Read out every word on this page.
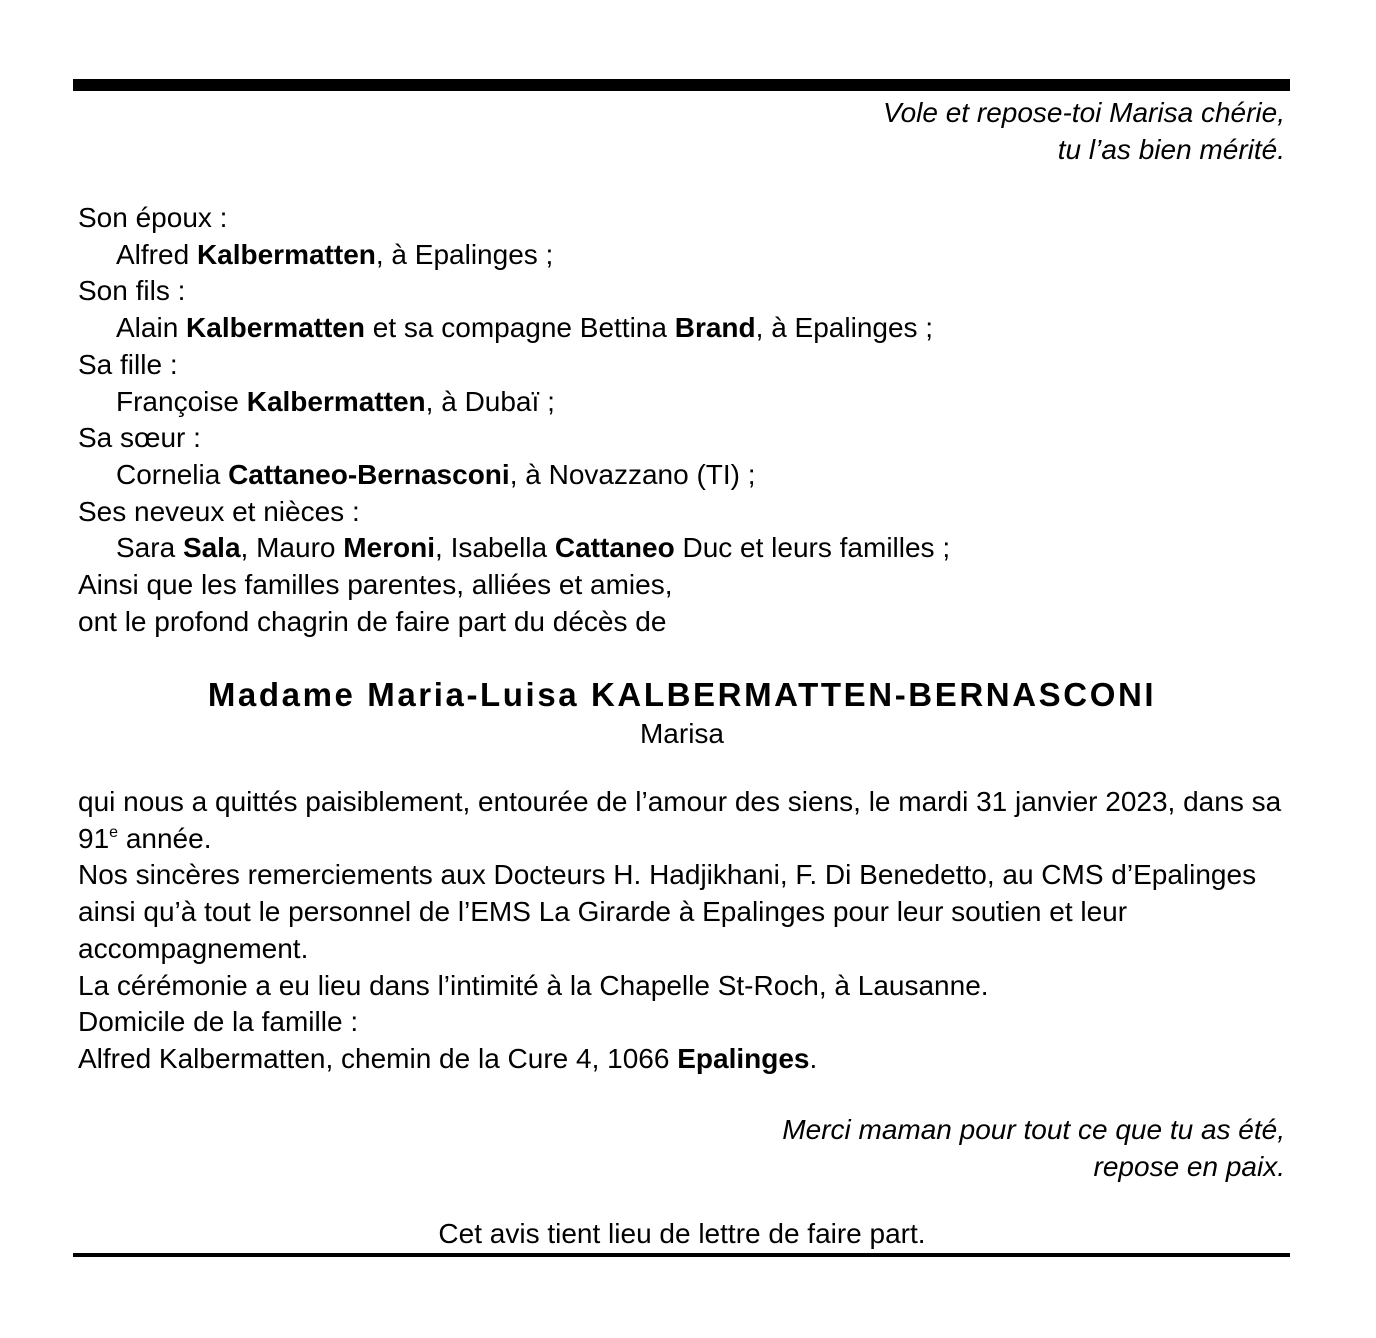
Vole et repose-toi Marisa chérie,
tu l’as bien mérité.
Son époux :
Alfred Kalbermatten, à Epalinges ;
Son fils :
Alain Kalbermatten et sa compagne Bettina Brand, à Epalinges ;
Sa fille :
Françoise Kalbermatten, à Dubaï ;
Sa sœur :
Cornelia Cattaneo-Bernasconi, à Novazzano (TI) ;
Ses neveux et nièces :
Sara Sala, Mauro Meroni, Isabella Cattaneo Duc et leurs familles ;
Ainsi que les familles parentes, alliées et amies,
ont le profond chagrin de faire part du décès de
Madame Maria-Luisa KALBERMATTEN-BERNASCONI
Marisa
qui nous a quittés paisiblement, entourée de l’amour des siens, le mardi 31 janvier 2023, dans sa 91e année.
Nos sincères remerciements aux Docteurs H. Hadjikhani, F. Di Benedetto, au CMS d’Epalinges ainsi qu’à tout le personnel de l’EMS La Girarde à Epalinges pour leur soutien et leur accompagnement.
La cérémonie a eu lieu dans l’intimité à la Chapelle St-Roch, à Lausanne.
Domicile de la famille :
Alfred Kalbermatten, chemin de la Cure 4, 1066 Epalinges.
Merci maman pour tout ce que tu as été,
repose en paix.
Cet avis tient lieu de lettre de faire part.
